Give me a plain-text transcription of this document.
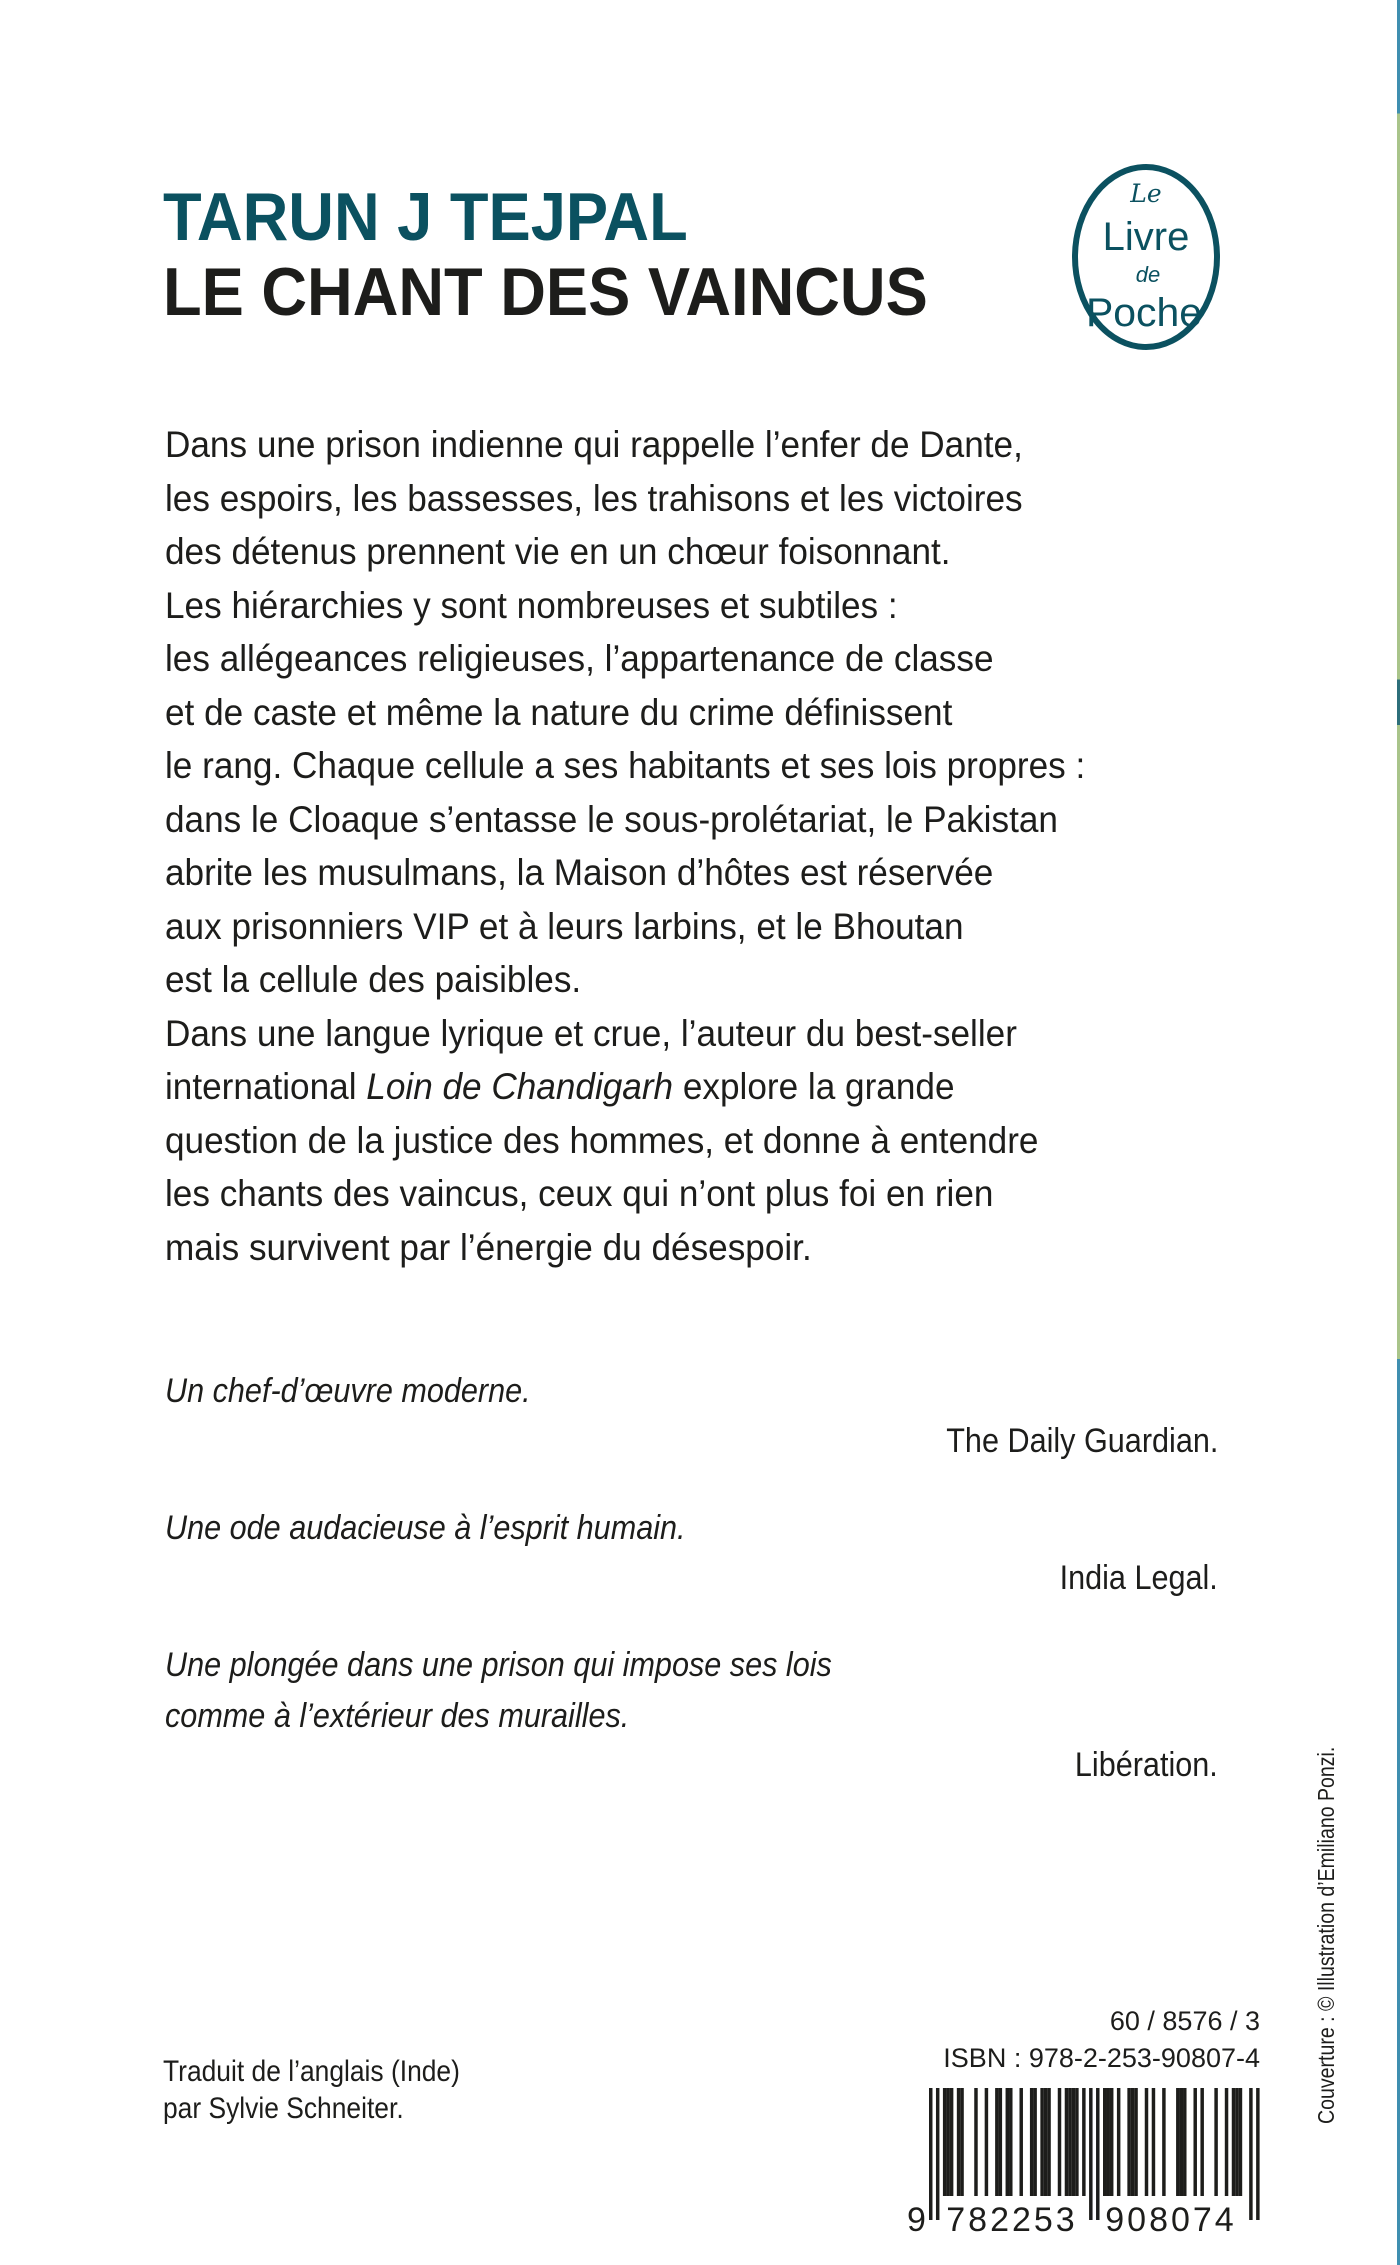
TARUN J TEJPAL
LE CHANT DES VAINCUS
Le
Livre
de
Poche
Dans une prison indienne qui rappelle l’enfer de Dante,
les espoirs, les bassesses, les trahisons et les victoires
des détenus prennent vie en un chœur foisonnant.
Les hiérarchies y sont nombreuses et subtiles :
les allégeances religieuses, l’appartenance de classe
et de caste et même la nature du crime définissent
le rang. Chaque cellule a ses habitants et ses lois propres :
dans le Cloaque s’entasse le sous-prolétariat, le Pakistan
abrite les musulmans, la Maison d’hôtes est réservée
aux prisonniers VIP et à leurs larbins, et le Bhoutan
est la cellule des paisibles.
Dans une langue lyrique et crue, l’auteur du best-seller
international Loin de Chandigarh explore la grande
question de la justice des hommes, et donne à entendre
les chants des vaincus, ceux qui n’ont plus foi en rien
mais survivent par l’énergie du désespoir.
Un chef-d’œuvre moderne.
The Daily Guardian.
Une ode audacieuse à l’esprit humain.
India Legal.
Une plongée dans une prison qui impose ses lois
comme à l’extérieur des murailles.
Libération.
Traduit de l’anglais (Inde)
par Sylvie Schneiter.
60 / 8576 / 3
ISBN : 978-2-253-90807-4
9 782253 908074
Couverture : © Illustration d’Emiliano Ponzi.
